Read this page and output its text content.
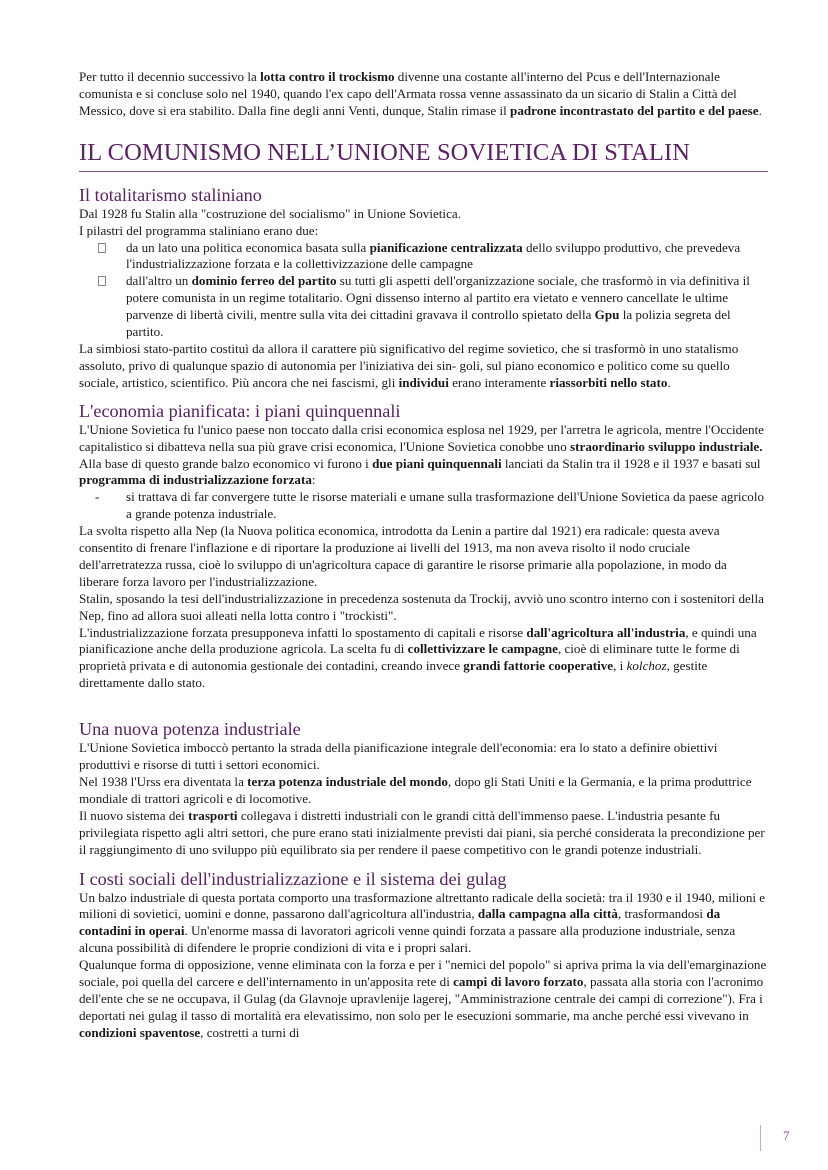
Per tutto il decennio successivo la lotta contro il trockismo divenne una costante all'interno del Pcus e dell'Internazionale comunista e si concluse solo nel 1940, quando l'ex capo dell'Armata rossa venne assassinato da un sicario di Stalin a Città del Messico, dove si era stabilito. Dalla fine degli anni Venti, dunque, Stalin rimase il padrone incontrastato del partito e del paese.

IL COMUNISMO NELL’UNIONE SOVIETICA DI STALIN
Il totalitarismo staliniano

Dal 1928 fu Stalin alla "costruzione del socialismo" in Unione Sovietica.

I pilastri del programma staliniano erano due:

da un lato una politica economica basata sulla pianificazione centralizzata dello sviluppo produttivo, che prevedeva l'industrializzazione forzata e la collettivizzazione delle campagne
dall'altro un dominio ferreo del partito su tutti gli aspetti dell'organizzazione sociale, che trasformò in via definitiva il potere comunista in un regime totalitario. Ogni dissenso interno al partito era vietato e vennero cancellate le ultime parvenze di libertà civili, mentre sulla vita dei cittadini gravava il controllo spietato della Gpu la polizia segreta del partito.

La simbiosi stato-partito costituì da allora il carattere più significativo del regime sovietico, che si trasformò in uno statalismo assoluto, privo di qualunque spazio di autonomia per l'iniziativa dei sin- goli, sul piano economico e politico come su quello sociale, artistico, scientifico. Più ancora che nei fascismi, gli individui erano interamente riassorbiti nello stato.

L'economia pianificata: i piani quinquennali

L'Unione Sovietica fu l'unico paese non toccato dalla crisi economica esplosa nel 1929, per l'arretra le agricola, mentre l'Occidente capitalistico si dibatteva nella sua più grave crisi economica, l'Unione Sovietica conobbe uno straordinario sviluppo industriale.

Alla base di questo grande balzo economico vi furono i due piani quinquennali lanciati da Stalin tra il 1928 e il 1937 e basati sul programma di industrializzazione forzata:

- si trattava di far convergere tutte le risorse materiali e umane sulla trasformazione dell'Unione Sovietica da paese agricolo a grande potenza industriale.

La svolta rispetto alla Nep (la Nuova politica economica, introdotta da Lenin a partire dal 1921) era radicale: questa aveva consentito di frenare l'inflazione e di riportare la produzione ai livelli del 1913, ma non aveva risolto il nodo cruciale dell'arretratezza russa, cioè lo sviluppo di un'agricoltura capace di garantire le risorse primarie alla popolazione, in modo da liberare forza lavoro per l'industrializzazione.

Stalin, sposando la tesi dell'industrializzazione in precedenza sostenuta da Trockij, avviò uno scontro interno con i sostenitori della Nep, fino ad allora suoi alleati nella lotta contro i "trockisti".

L'industrializzazione forzata presupponeva infatti lo spostamento di capitali e risorse dall'agricoltura all'industria, e quindi una pianificazione anche della produzione agricola. La scelta fu di collettivizzare le campagne, cioè di eliminare tutte le forme di proprietà privata e di autonomia gestionale dei contadini, creando invece grandi fattorie cooperative, i kolchoz, gestite direttamente dallo stato.

Una nuova potenza industriale

L'Unione Sovietica imboccò pertanto la strada della pianificazione integrale dell'economia: era lo stato a definire obiettivi produttivi e risorse di tutti i settori economici.

Nel 1938 l'Urss era diventata la terza potenza industriale del mondo, dopo gli Stati Uniti e la Germania, e la prima produttrice mondiale di trattori agricoli e di locomotive.

Il nuovo sistema dei trasporti collegava i distretti industriali con le grandi città dell'immenso paese. L'industria pesante fu privilegiata rispetto agli altri settori, che pure erano stati inizialmente previsti dai piani, sia perché considerata la precondizione per il raggiungimento di uno sviluppo più equilibrato sia per rendere il paese competitivo con le grandi potenze industriali.

I costi sociali dell'industrializzazione e il sistema dei gulag

Un balzo industriale di questa portata comporto una trasformazione altrettanto radicale della società: tra il 1930 e il 1940, milioni e milioni di sovietici, uomini e donne, passarono dall'agricoltura all'industria, dalla campagna alla città, trasformandosi da contadini in operai. Un'enorme massa di lavoratori agricoli venne quindi forzata a passare alla produzione industriale, senza alcuna possibilità di difendere le proprie condizioni di vita e i propri salari.

Qualunque forma di opposizione, venne eliminata con la forza e per i "nemici del popolo" si apriva prima la via dell'emarginazione sociale, poi quella del carcere e dell'internamento in un'apposita rete di campi di lavoro forzato, passata alla storia con l'acronimo dell'ente che se ne occupava, il Gulag (da Glavnoje upravlenije lagerej, "Amministrazione centrale dei campi di correzione"). Fra i deportati nei gulag il tasso di mortalità era elevatissimo, non solo per le esecuzioni sommarie, ma anche perché essi vivevano in condizioni spaventose, costretti a turni di

7
